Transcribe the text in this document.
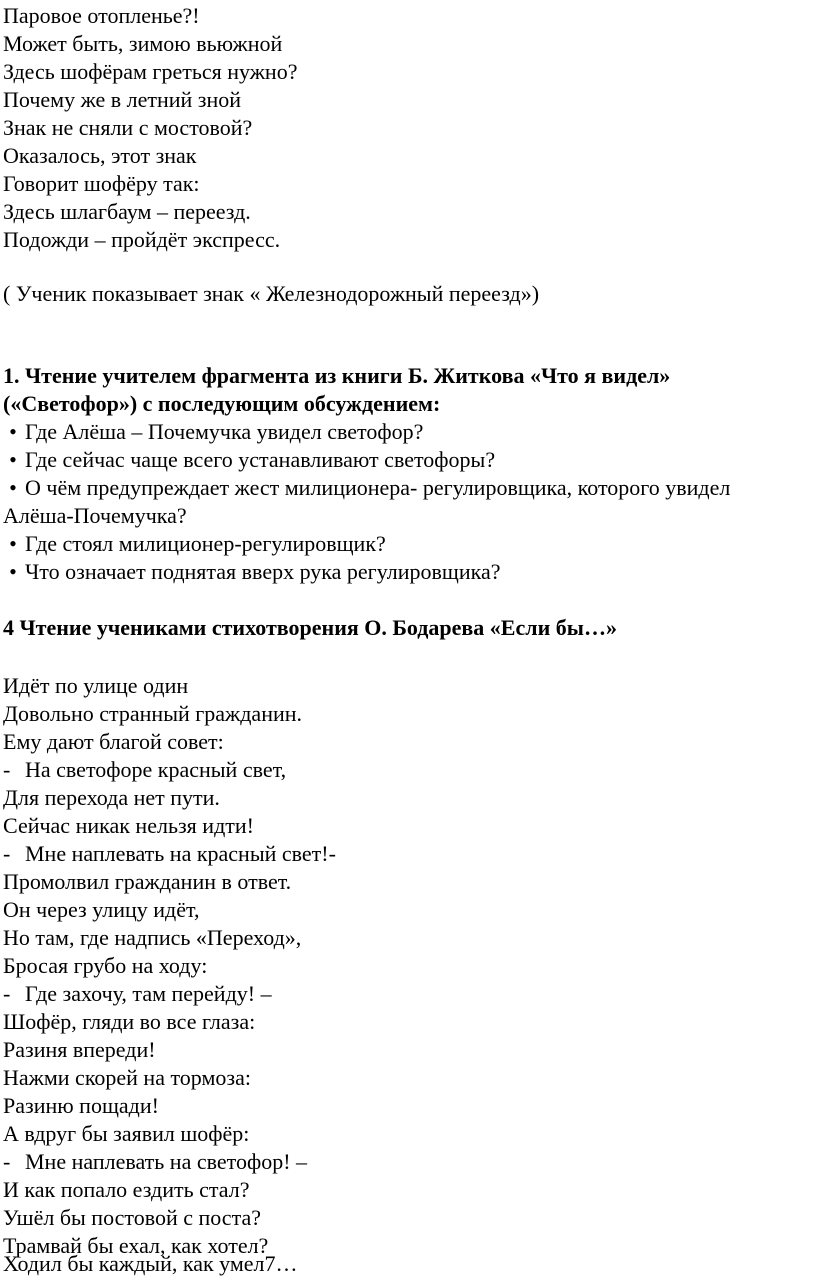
Паровое отопленье?!
Может быть, зимою вьюжной
Здесь шофёрам греться нужно?
Почему же в летний зной
Знак не сняли с мостовой?
Оказалось, этот знак
Говорит шофёру так:
Здесь шлагбаум – переезд.
Подожди – пройдёт экспресс.
( Ученик показывает знак « Железнодорожный переезд»)
1. Чтение учителем фрагмента из книги Б. Житкова «Что я видел»
(«Светофор») с последующим обсуждением:
• Где Алёша – Почемучка увидел светофор?
• Где сейчас чаще всего устанавливают светофоры?
• О чём предупреждает жест милиционера- регулировщика, которого увидел
Алёша-Почемучка?
• Где стоял милиционер-регулировщик?
• Что означает поднятая вверх рука регулировщика?
4 Чтение учениками стихотворения О. Бодарева «Если бы…»
Идёт по улице один
Довольно странный гражданин.
Ему дают благой совет:
- На светофоре красный свет,
Для перехода нет пути.
Сейчас никак нельзя идти!
- Мне наплевать на красный свет!-
Промолвил гражданин в ответ.
Он через улицу идёт,
Но там, где надпись «Переход»,
Бросая грубо на ходу:
- Где захочу, там перейду! –
Шофёр, гляди во все глаза:
Разиня впереди!
Нажми скорей на тормоза:
Разиню пощади!
А вдруг бы заявил шофёр:
- Мне наплевать на светофор! –
И как попало ездить стал?
Ушёл бы постовой с поста?
Трамвай бы ехал, как хотел?
Ходил бы каждый, как умел7…
